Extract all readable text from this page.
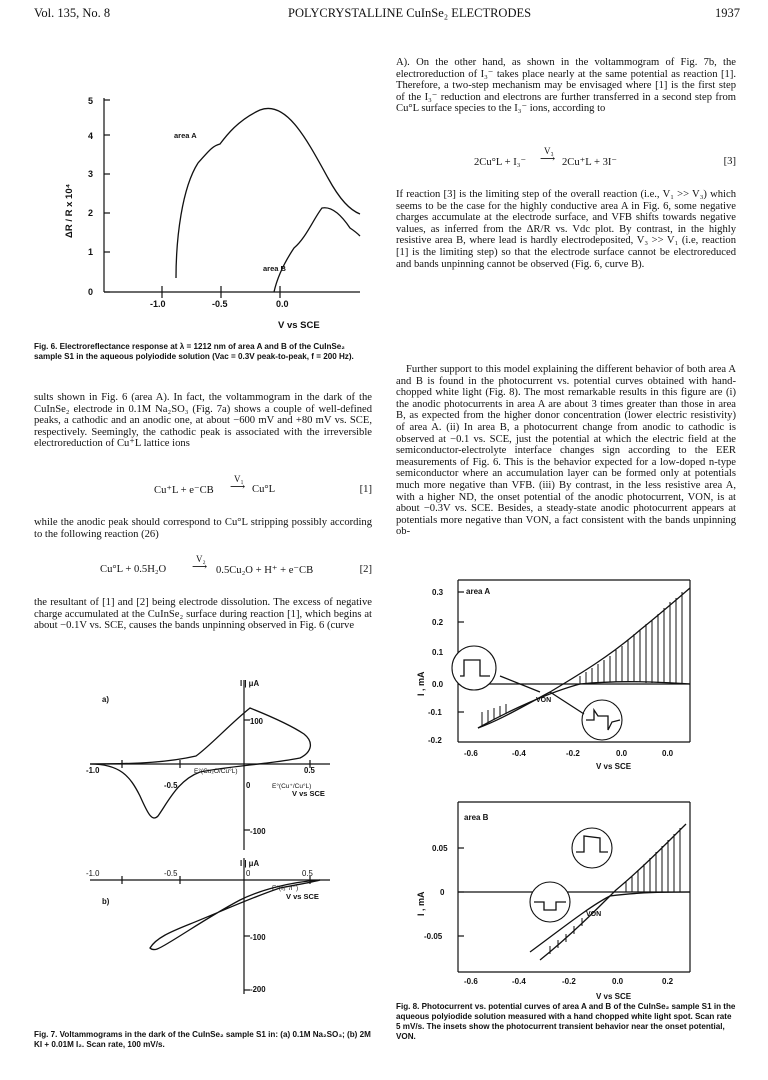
Vol. 135, No. 8	POLYCRYSTALLINE CuInSe₂ ELECTRODES	1937
0
1
2
3
4
5
-1.0	-0.5	0.0
V vs SCE
area A
area B
ΔR / R x 10⁴
Fig. 6. Electroreflectance response at λ = 1212 nm of area A and B of the CuInSe₂ sample S1 in the aqueous polyiodide solution (Vac = 0.3V peak-to-peak, f = 200 Hz).

sults shown in Fig. 6 (area A). In fact, the voltammogram in the dark of the CuInSe₂ electrode in 0.1M Na₂SO₃ (Fig. 7a) shows a couple of well-defined peaks, a cathodic and an anodic one, at about −600 mV and +80 mV vs. SCE, respectively. Seemingly, the cathodic peak is associated with the irreversible electroreduction of Cu⁺L lattice ions

Cu⁺L + e⁻CB
V₁
⟶ Cu°L	[1]

while the anodic peak should correspond to Cu°L stripping possibly according to the following reaction (26)

Cu°L + 0.5H₂O
V₂
⟶ 0.5Cu₂O + H⁺ + e⁻CB	[2]

the resultant of [1] and [2] being electrode dissolution. The excess of negative charge accumulated at the CuInSe₂ surface during reaction [1], which begins at about −0.1V vs. SCE, causes the bands unpinning observed in Fig. 6 (curve

a)
I | μA
100
-100
-1.0
-0.5	0
0.5
E°(Cu₂O/Cu°L)
E°(Cu⁺/Cu°L)
V vs SCE
I | μA
-1.0	-0.5	0	0.5
E°(I₃⁻/I⁻)
V vs SCE
b)
-100
-200
Fig. 7. Voltammograms in the dark of the CuInSe₂ sample S1 in: (a) 0.1M Na₂SO₃; (b) 2M KI + 0.01M I₂. Scan rate, 100 mV/s.

A). On the other hand, as shown in the voltammogram of Fig. 7b, the electroreduction of I₃⁻ takes place nearly at the same potential as reaction [1]. Therefore, a two-step mechanism may be envisaged where [1] is the first step of the I₃⁻ reduction and electrons are further transferred in a second step from Cu°L surface species to the I₃⁻ ions, according to

2Cu°L + I₃⁻
V₃
⟶ 2Cu⁺L + 3I⁻	[3]

If reaction [3] is the limiting step of the overall reaction (i.e., V₁ >> V₃) which seems to be the case for the highly conductive area A in Fig. 6, some negative charges accumulate at the electrode surface, and VFB shifts towards negative values, as inferred from the ΔR/R vs. Vdc plot. By contrast, in the highly resistive area B, where lead is hardly electrodeposited, V₃ >> V₁ (i.e, reaction [1] is the limiting step) so that the electrode surface cannot be electroreduced and bands unpinning cannot be observed (Fig. 6, curve B).

Further support to this model explaining the different behavior of both area A and B is found in the photocurrent vs. potential curves obtained with hand-chopped white light (Fig. 8). The most remarkable results in this figure are (i) the anodic photocurrents in area A are about 3 times greater than those in area B, as expected from the higher donor concentration (lower electric resistivity) of area A. (ii) In area B, a photocurrent change from anodic to cathodic is observed at −0.1 vs. SCE, just the potential at which the electric field at the semiconductor-electrolyte interface changes sign according to the EER measurements of Fig. 6. This is the behavior expected for a low-doped n-type semiconductor where an accumulation layer can be formed only at potentials much more negative than VFB. (iii) By contrast, in the less resistive area A, with a higher ND, the onset potential of the anodic photocurrent, VON, is at about −0.3V vs. SCE. Besides, a steady-state anodic photocurrent appears at potentials more negative than VON, a fact consistent with the bands unpinning ob-

area A
0.3
0.2
0.1
0.0
-0.1
-0.2
-0.6	-0.4	-0.2	0.0	0.0
V vs SCE
VON
I , mA
area B
0.05
0
-0.05
-0.6	-0.4	-0.2	0.0	0.2
V vs SCE
VON
I , mA
Fig. 8. Photocurrent vs. potential curves of area A and B of the CuInSe₂ sample S1 in the aqueous polyiodide solution measured with a hand chopped white light spot. Scan rate 5 mV/s. The insets show the photocurrent transient behavior near the onset potential, VON.
